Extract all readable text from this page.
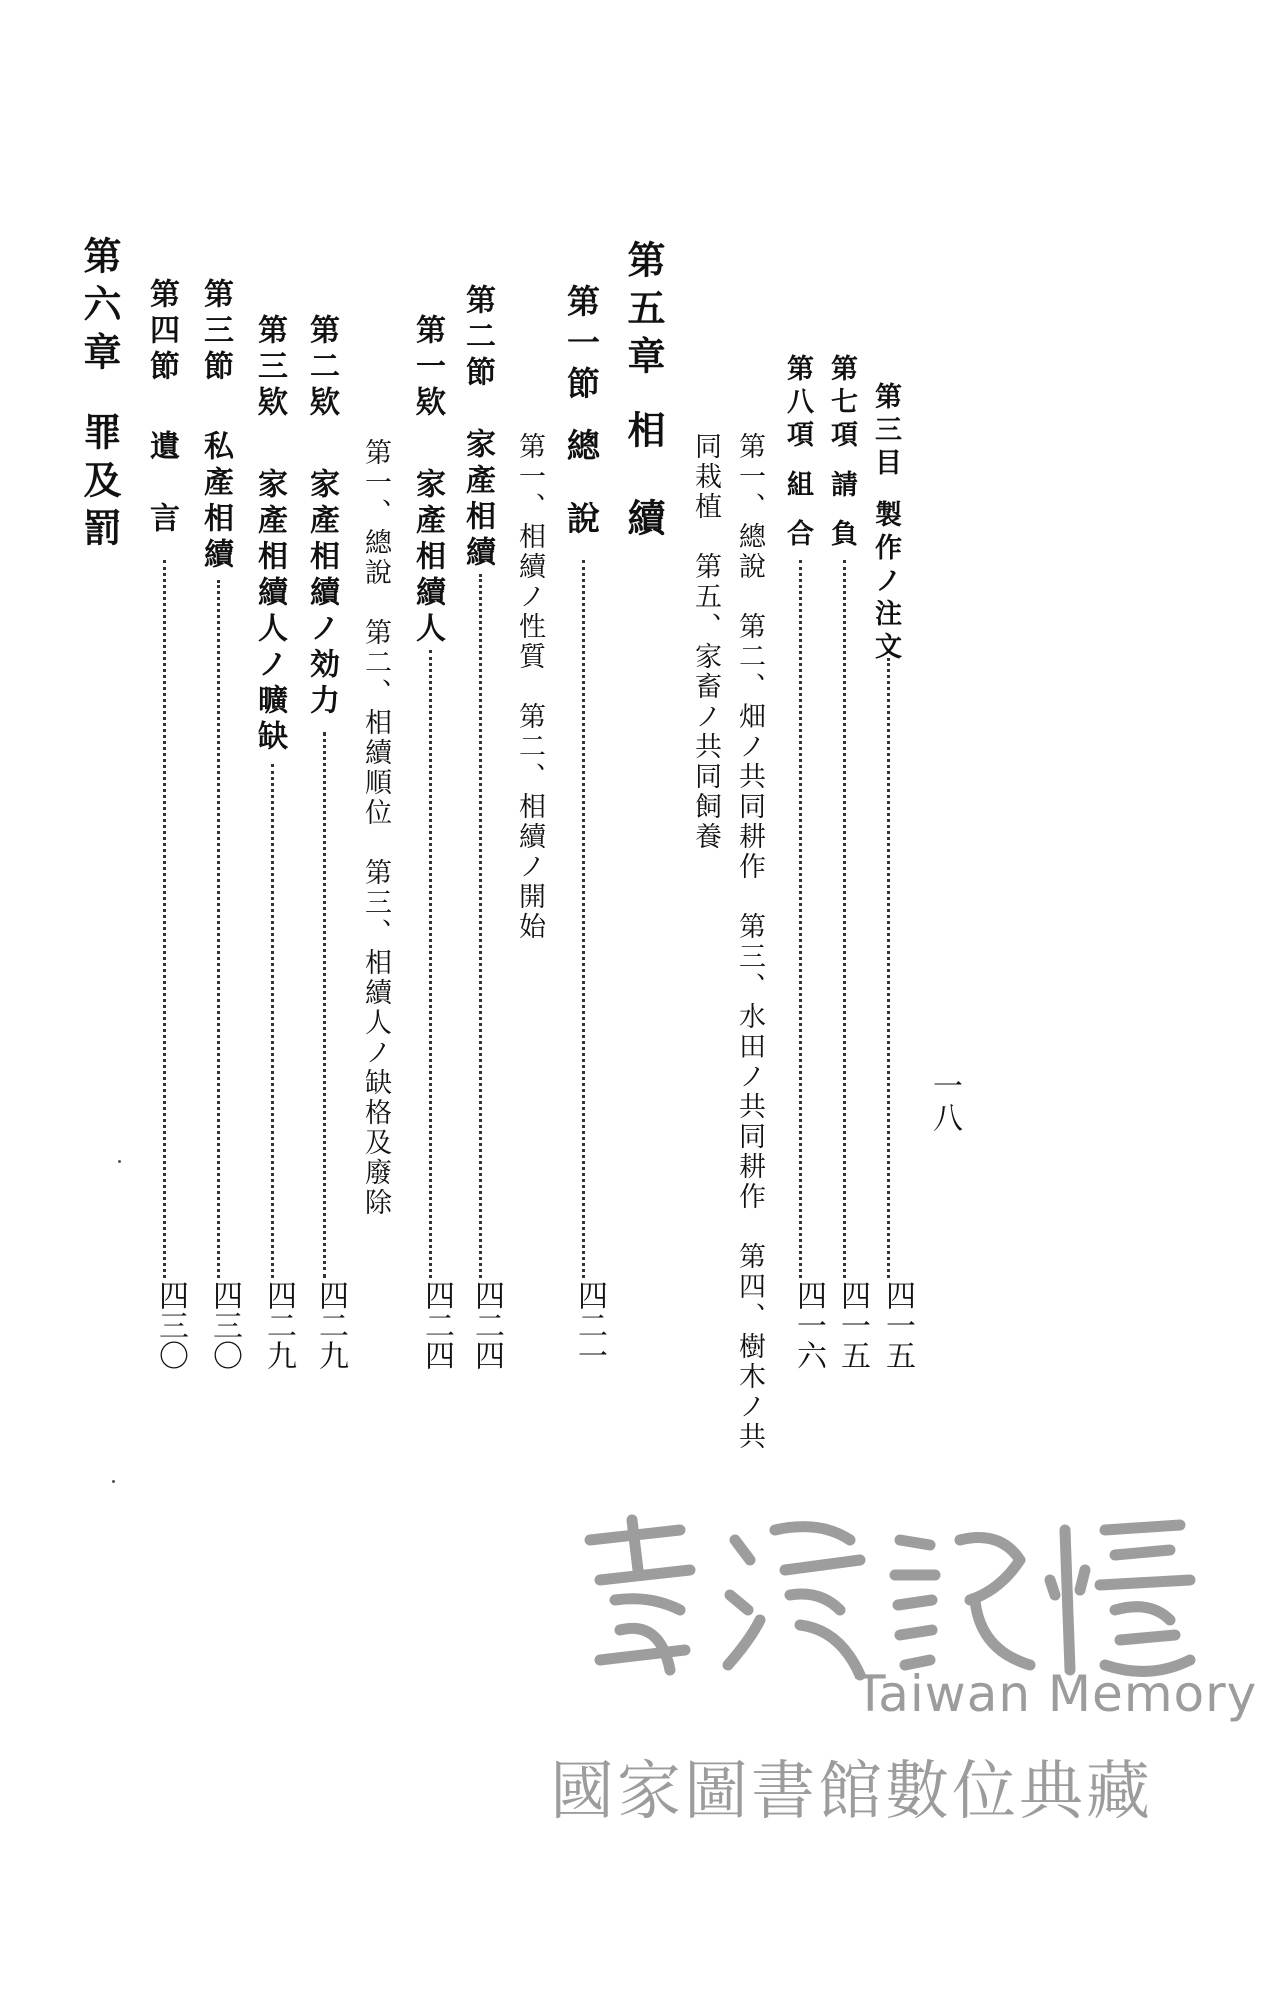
一八
第三目
製作ノ注文
四一五
第七項
請負
四一五
第八項
組合
四一六
第一、總說　第二、畑ノ共同耕作　第三、水田ノ共同耕作　第四、樹木ノ共
同栽植　第五、家畜ノ共同飼養
第五章
相續
第一節
總說
四二一
第一、相續ノ性質　第二、相續ノ開始
第二節
家產相續
四二四
第一欵
家產相續人
四二四
第一、總說　第二、相續順位　第三、相續人ノ缺格及廢除
第二欵
家產相續ノ効力
四二九
第三欵
家產相續人ノ曠缺
四二九
第三節
私產相續
四三〇
第四節
遺言
四三〇
第六章
罪及罰
Taiwan Memory
國家圖書館數位典藏
